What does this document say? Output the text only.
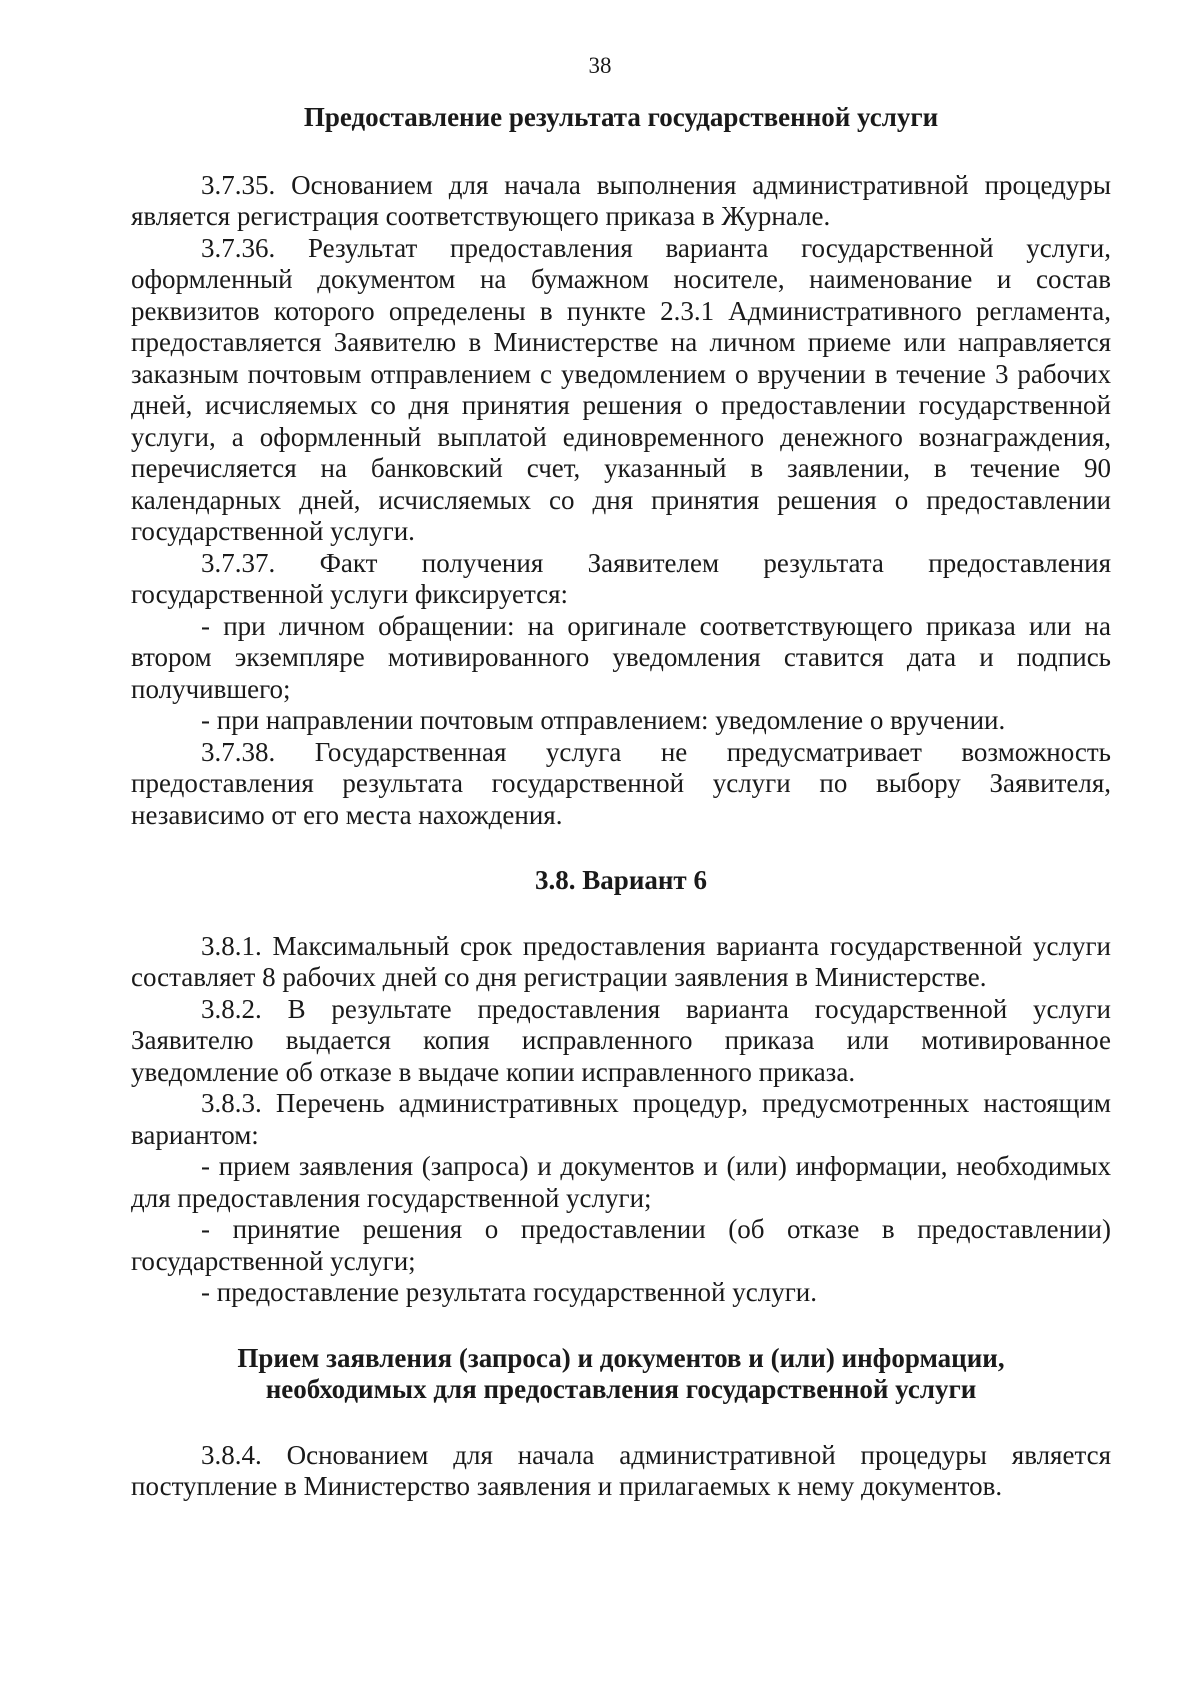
38

Предоставление результата государственной услуги

3.7.35. Основанием для начала выполнения административной процедуры является регистрация соответствующего приказа в Журнале.

3.7.36. Результат предоставления варианта государственной услуги, оформленный документом на бумажном носителе, наименование и состав реквизитов которого определены в пункте 2.3.1 Административного регламента, предоставляется Заявителю в Министерстве на личном приеме или направляется заказным почтовым отправлением с уведомлением о вручении в течение 3 рабочих дней, исчисляемых со дня принятия решения о предоставлении государственной услуги, а оформленный выплатой единовременного денежного вознаграждения, перечисляется на банковский счет, указанный в заявлении, в течение 90 календарных дней, исчисляемых со дня принятия решения о предоставлении государственной услуги.

3.7.37. Факт получения Заявителем результата предоставления государственной услуги фиксируется:

- при личном обращении: на оригинале соответствующего приказа или на втором экземпляре мотивированного уведомления ставится дата и подпись получившего;

- при направлении почтовым отправлением: уведомление о вручении.

3.7.38. Государственная услуга не предусматривает возможность предоставления результата государственной услуги по выбору Заявителя, независимо от его места нахождения.

3.8. Вариант 6

3.8.1. Максимальный срок предоставления варианта государственной услуги составляет 8 рабочих дней со дня регистрации заявления в Министерстве.

3.8.2. В результате предоставления варианта государственной услуги Заявителю выдается копия исправленного приказа или мотивированное уведомление об отказе в выдаче копии исправленного приказа.

3.8.3. Перечень административных процедур, предусмотренных настоящим вариантом:

- прием заявления (запроса) и документов и (или) информации, необходимых для предоставления государственной услуги;

- принятие решения о предоставлении (об отказе в предоставлении) государственной услуги;

- предоставление результата государственной услуги.

Прием заявления (запроса) и документов и (или) информации,
необходимых для предоставления государственной услуги

3.8.4. Основанием для начала административной процедуры является поступление в Министерство заявления и прилагаемых к нему документов.
